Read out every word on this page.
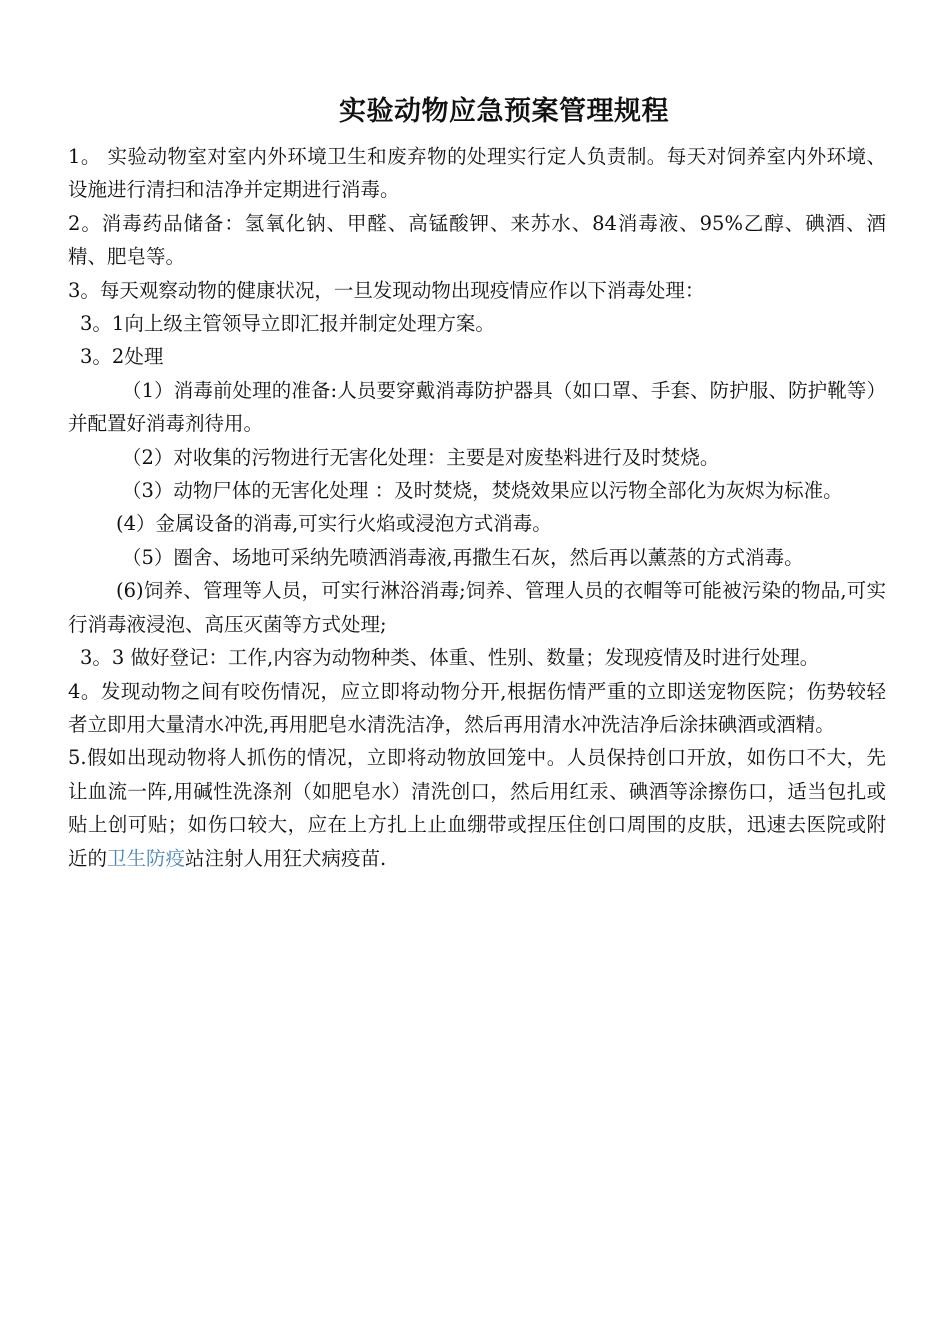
实验动物应急预案管理规程

1。 实验动物室对室内外环境卫生和废弃物的处理实行定人负责制。每天对饲养室内外环境、设施进行清扫和洁净并定期进行消毒。

2。消毒药品储备：氢氧化钠、甲醛、高锰酸钾、来苏水、84消毒液、95%乙醇、碘酒、酒精、肥皂等。

3。每天观察动物的健康状况，一旦发现动物出现疫情应作以下消毒处理：

3。1向上级主管领导立即汇报并制定处理方案。

3。2处理

（1）消毒前处理的准备:人员要穿戴消毒防护器具（如口罩、手套、防护服、防护靴等）并配置好消毒剂待用。

（2）对收集的污物进行无害化处理：主要是对废垫料进行及时焚烧。

（3）动物尸体的无害化处理 ：及时焚烧，焚烧效果应以污物全部化为灰烬为标准。

(4）金属设备的消毒,可实行火焰或浸泡方式消毒。

（5）圈舍、场地可采纳先喷洒消毒液,再撒生石灰，然后再以薰蒸的方式消毒。

(6)饲养、管理等人员，可实行淋浴消毒;饲养、管理人员的衣帽等可能被污染的物品,可实行消毒液浸泡、高压灭菌等方式处理;

3。3 做好登记：工作,内容为动物种类、体重、性别、数量；发现疫情及时进行处理。

4。发现动物之间有咬伤情况，应立即将动物分开,根据伤情严重的立即送宠物医院；伤势较轻者立即用大量清水冲洗,再用肥皂水清洗洁净，然后再用清水冲洗洁净后涂抹碘酒或酒精。

5.假如出现动物将人抓伤的情况，立即将动物放回笼中。人员保持创口开放，如伤口不大，先让血流一阵,用碱性洗涤剂（如肥皂水）清洗创口，然后用红汞、碘酒等涂擦伤口，适当包扎或贴上创可贴；如伤口较大，应在上方扎上止血绷带或捏压住创口周围的皮肤，迅速去医院或附近的卫生防疫站注射人用狂犬病疫苗.
